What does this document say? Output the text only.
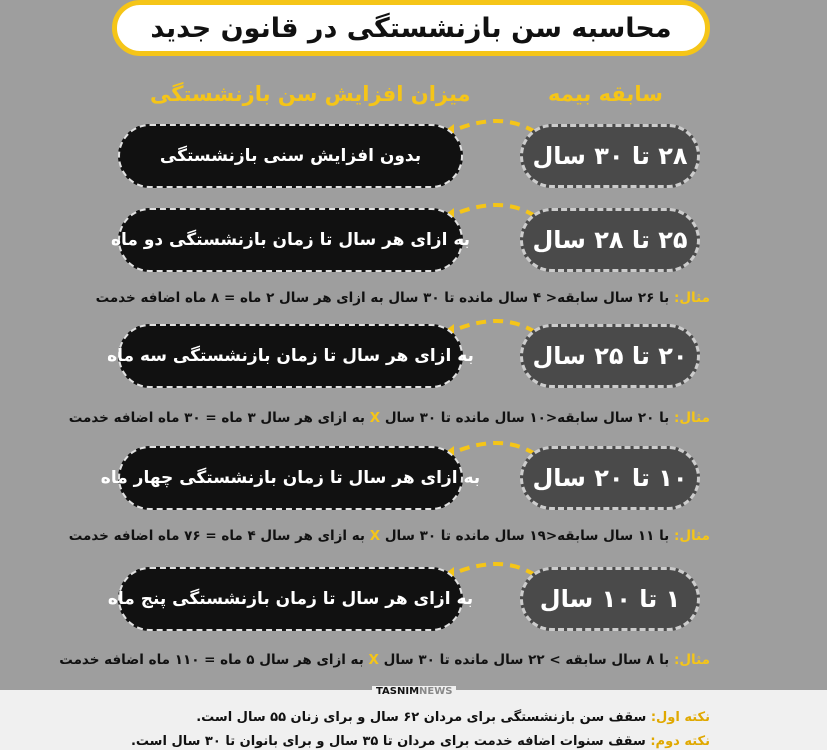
محاسبه سن بازنشستگی در قانون جدید
سابقه بیمه
میزان افزایش سن بازنشستگی
بدون افزایش سنی بازنشستگی	۲۸ تا ۳۰ سال
به ازای هر سال تا زمان بازنشستگی دو ماه	۲۵ تا ۲۸ سال
مثال: با ۲۶ سال سابقه< ۴ سال مانده تا ۳۰ سال به ازای هر سال ۲ ماه = ۸ ماه اضافه خدمت
به ازای هر سال تا زمان بازنشستگی سه ماه	۲۰ تا ۲۵ سال
مثال: با ۲۰ سال سابقه<۱۰ سال مانده تا ۳۰ سال X به ازای هر سال ۳ ماه = ۳۰ ماه اضافه خدمت
به ازای هر سال تا زمان بازنشستگی چهار ماه	۱۰ تا ۲۰ سال
مثال: با ۱۱ سال سابقه<۱۹ سال مانده تا ۳۰ سال X به ازای هر سال ۴ ماه = ۷۶ ماه اضافه خدمت
به ازای هر سال تا زمان بازنشستگی پنج ماه	۱ تا ۱۰ سال
مثال: با ۸ سال سابقه > ۲۲ سال مانده تا ۳۰ سال X به ازای هر سال ۵ ماه = ۱۱۰ ماه اضافه خدمت
TASNIMNEWS
نکته اول: سقف سن بازنشستگی برای مردان ۶۲ سال و برای زنان ۵۵ سال است.
نکته دوم: سقف سنوات اضافه خدمت برای مردان تا ۳۵ سال و برای بانوان تا ۳۰ سال است.
